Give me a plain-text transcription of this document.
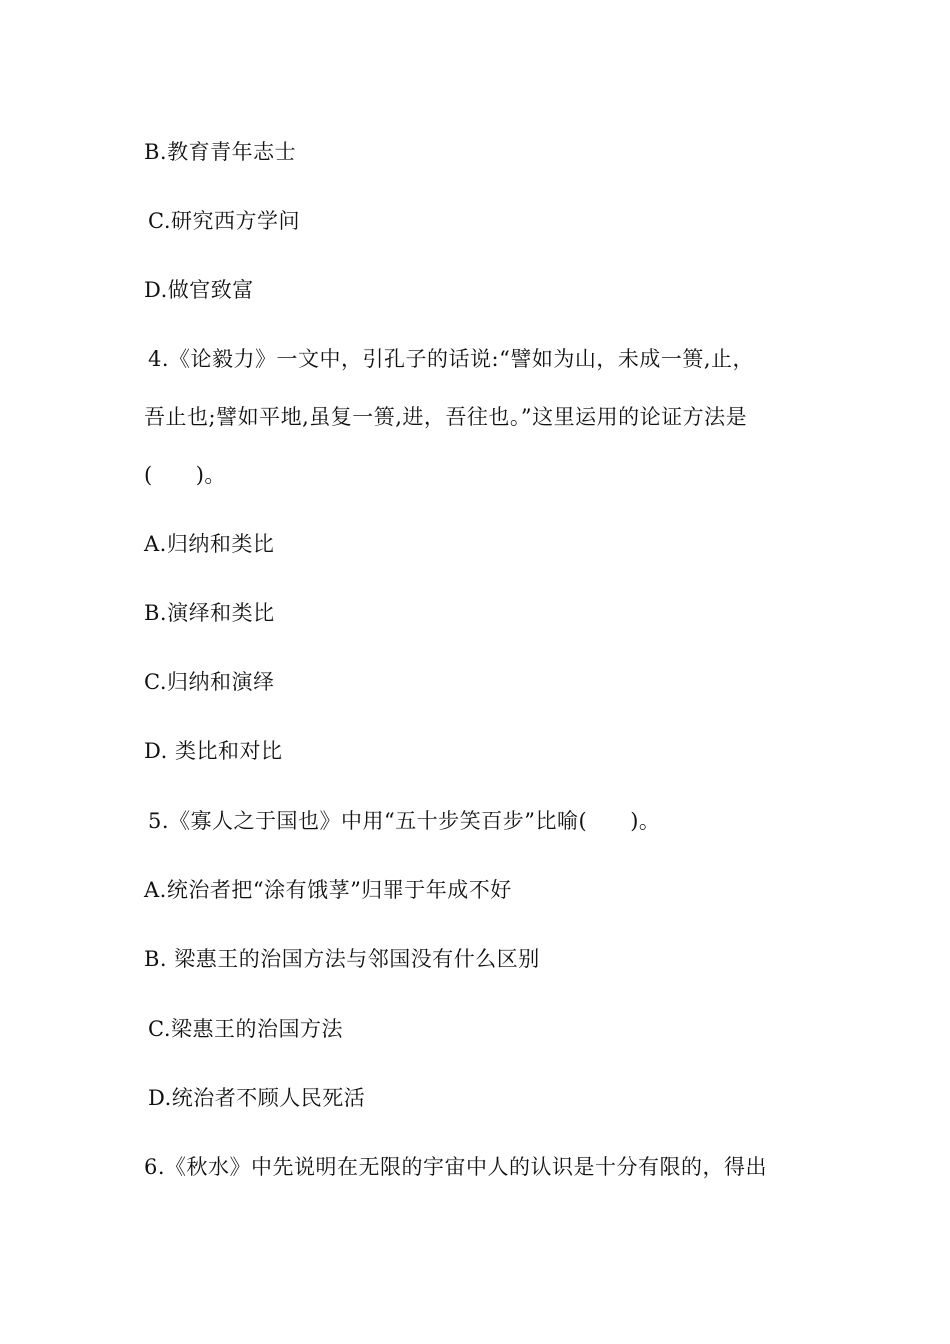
B.教育青年志士
C.研究西方学问
D.做官致富
4.《论毅力》一文中，引孔子的话说:“譬如为山，未成一篑,止，
吾止也;譬如平地,虽复一篑,进，吾往也。”这里运用的论证方法是
(　　)。
A.归纳和类比
B.演绎和类比
C.归纳和演绎
D. 类比和对比
5.《寡人之于国也》中用“五十步笑百步”比喻(　　)。
A.统治者把“涂有饿莩”归罪于年成不好
B. 梁惠王的治国方法与邻国没有什么区别
C.梁惠王的治国方法
D.统治者不顾人民死活
6.《秋水》中先说明在无限的宇宙中人的认识是十分有限的，得出
